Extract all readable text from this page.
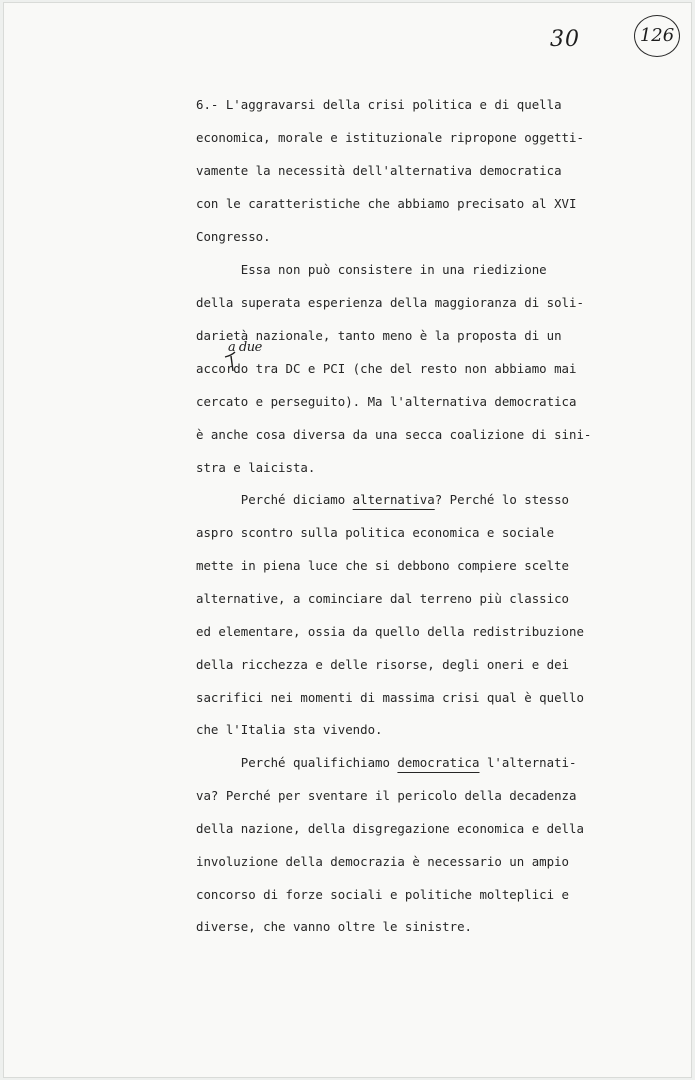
30	126
6.- L'aggravarsi della crisi politica e di quella
economica, morale e istituzionale ripropone oggetti-
vamente la necessità dell'alternativa democratica
con le caratteristiche che abbiamo precisato al XVI
Congresso.
Essa non può consistere in una riedizione
della superata esperienza della maggioranza di soli-
darietà nazionale, tanto meno è la proposta di un
a due
accordo tra DC e PCI (che del resto non abbiamo mai
cercato e perseguito). Ma l'alternativa democratica
è anche cosa diversa da una secca coalizione di sini-
stra e laicista.
Perché diciamo alternativa? Perché lo stesso
aspro scontro sulla politica economica e sociale
mette in piena luce che si debbono compiere scelte
alternative, a cominciare dal terreno più classico
ed elementare, ossia da quello della redistribuzione
della ricchezza e delle risorse, degli oneri e dei
sacrifici nei momenti di massima crisi qual è quello
che l'Italia sta vivendo.
Perché qualifichiamo democratica l'alternati-
va? Perché per sventare il pericolo della decadenza
della nazione, della disgregazione economica e della
involuzione della democrazia è necessario un ampio
concorso di forze sociali e politiche molteplici e
diverse, che vanno oltre le sinistre.
